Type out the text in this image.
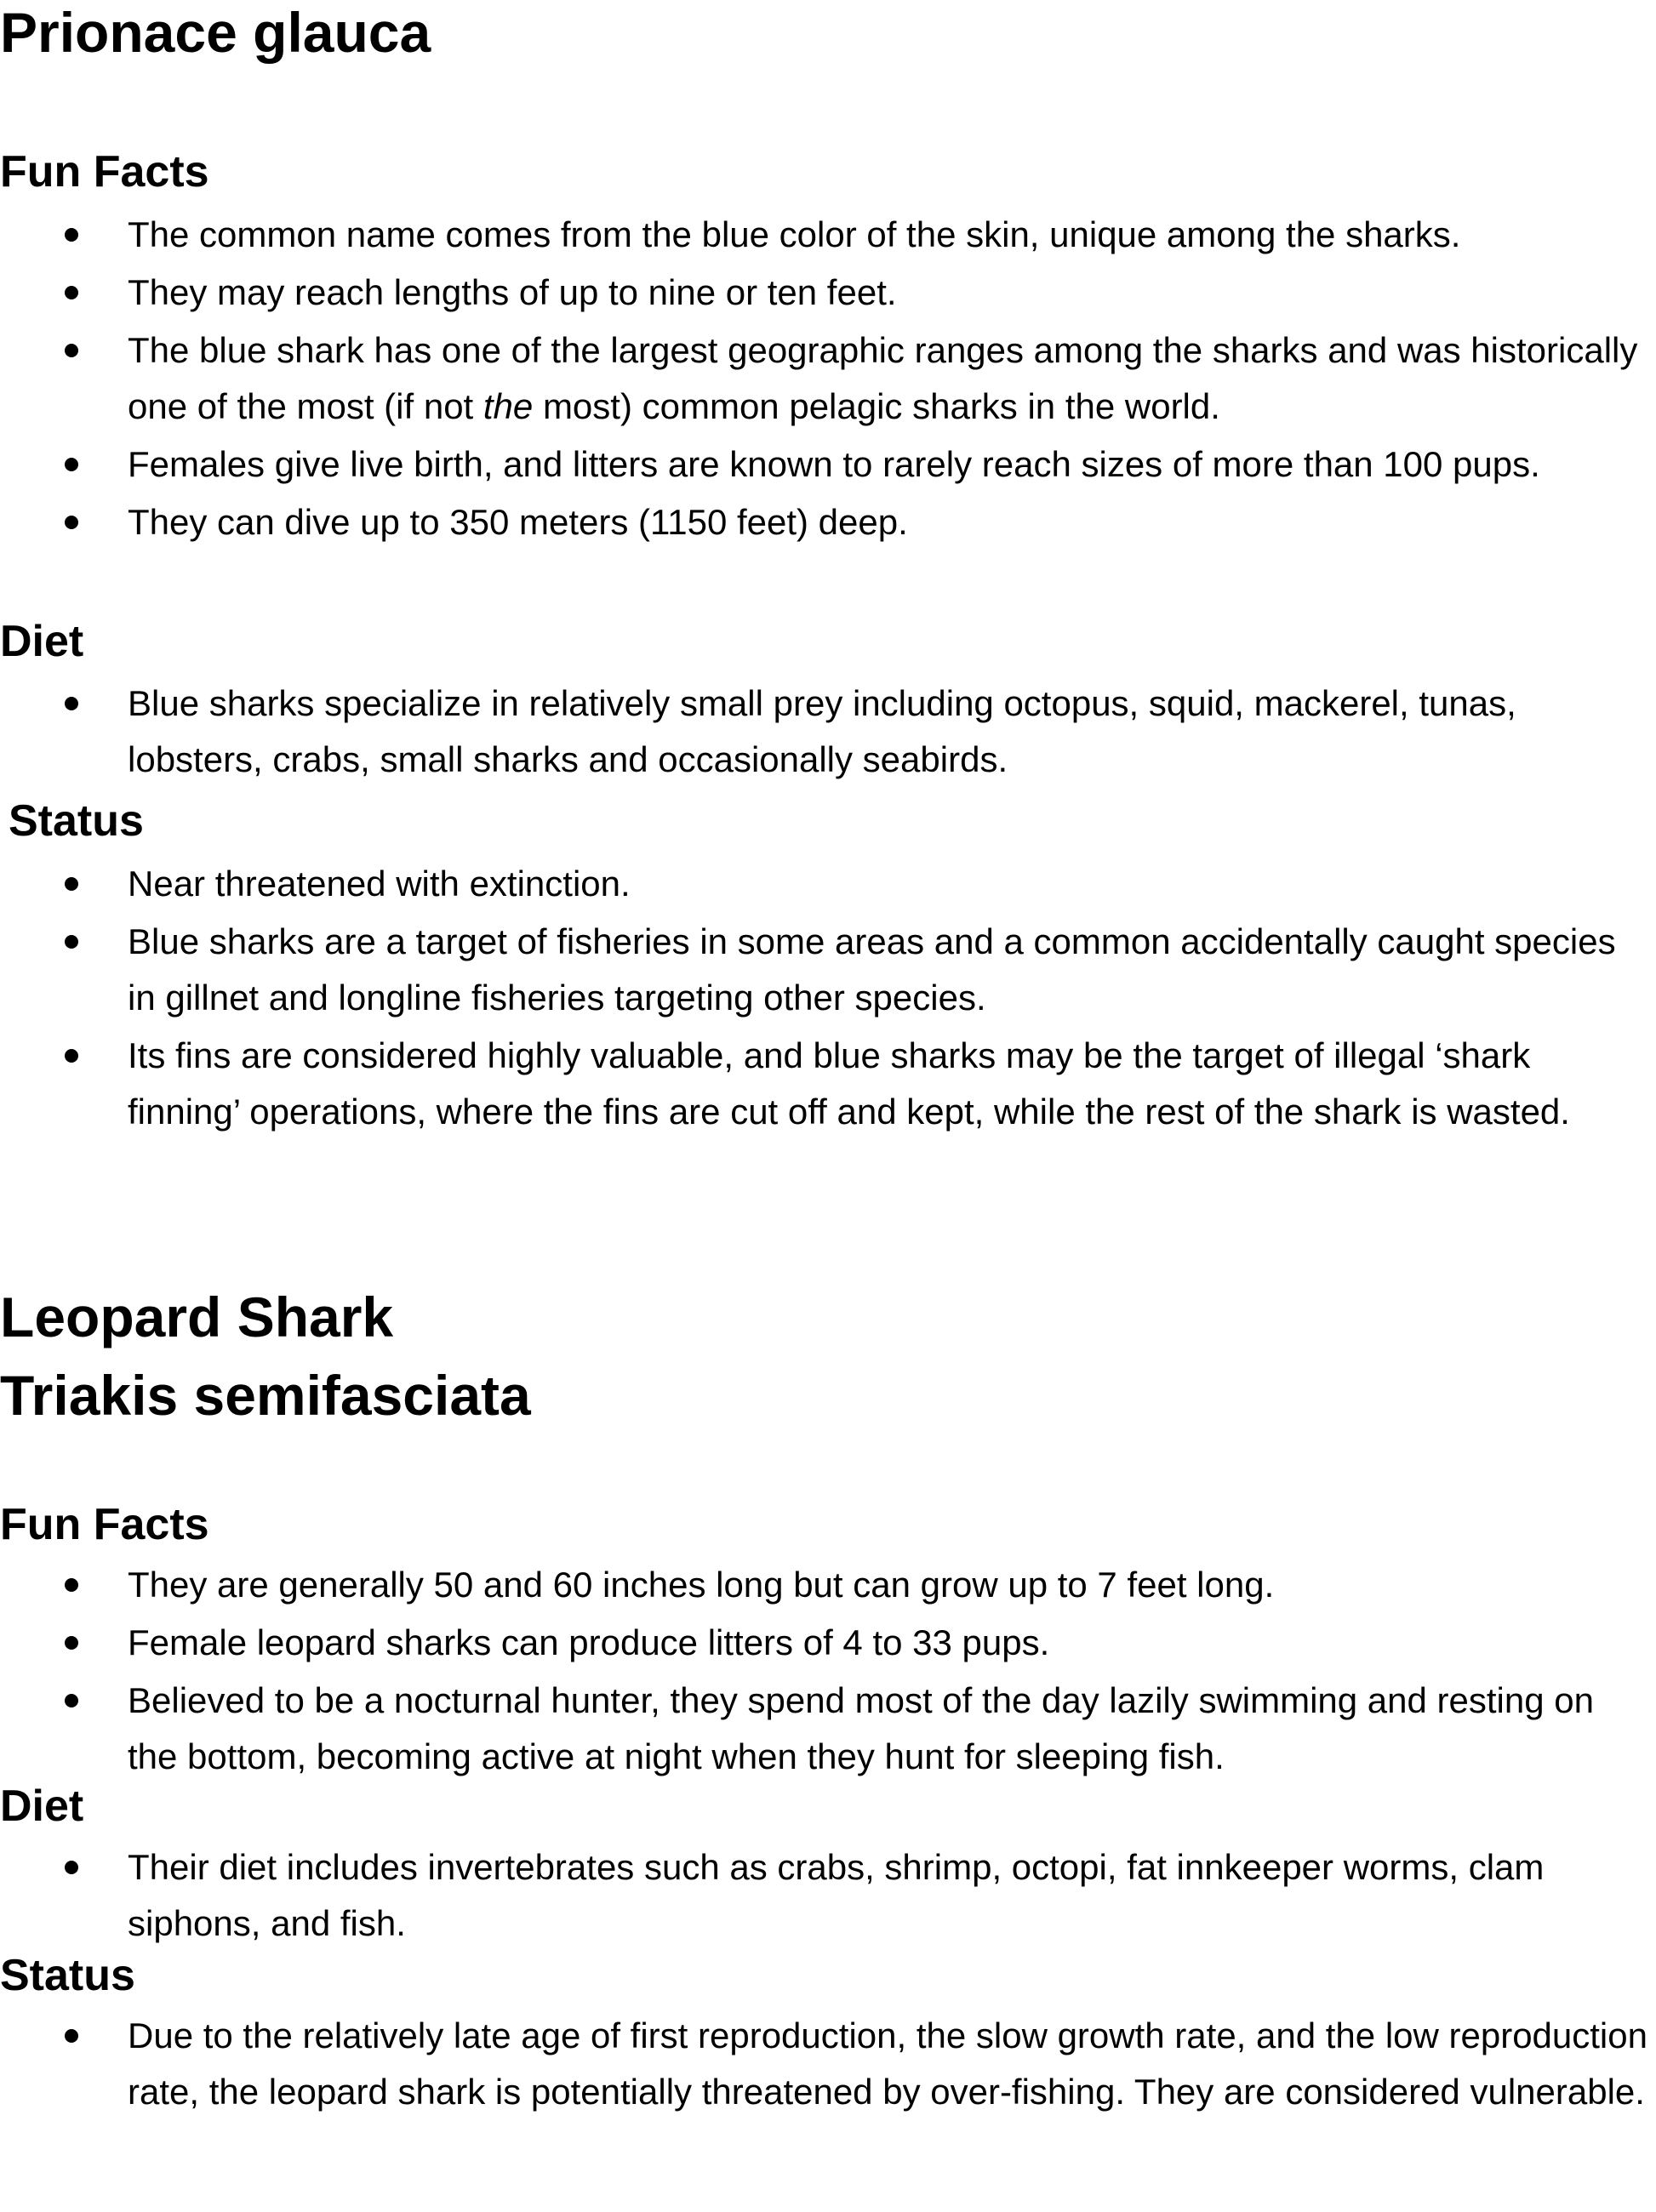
Prionace glauca
Fun Facts
The common name comes from the blue color of the skin, unique among the sharks.
They may reach lengths of up to nine or ten feet.
The blue shark has one of the largest geographic ranges among the sharks and was historically one of the most (if not the most) common pelagic sharks in the world.
Females give live birth, and litters are known to rarely reach sizes of more than 100 pups.
They can dive up to 350 meters (1150 feet) deep.
Diet
Blue sharks specialize in relatively small prey including octopus, squid, mackerel, tunas, lobsters, crabs, small sharks and occasionally seabirds.
Status
Near threatened with extinction.
Blue sharks are a target of fisheries in some areas and a common accidentally caught species in gillnet and longline fisheries targeting other species.
Its fins are considered highly valuable, and blue sharks may be the target of illegal ‘shark finning’ operations, where the fins are cut off and kept, while the rest of the shark is wasted.
Leopard Shark
Triakis semifasciata
Fun Facts
They are generally 50 and 60 inches long but can grow up to 7 feet long.
Female leopard sharks can produce litters of 4 to 33 pups.
Believed to be a nocturnal hunter, they spend most of the day lazily swimming and resting on the bottom, becoming active at night when they hunt for sleeping fish.
Diet
Their diet includes invertebrates such as crabs, shrimp, octopi, fat innkeeper worms, clam siphons, and fish.
Status
Due to the relatively late age of first reproduction, the slow growth rate, and the low reproduction rate, the leopard shark is potentially threatened by over-fishing. They are considered vulnerable.
